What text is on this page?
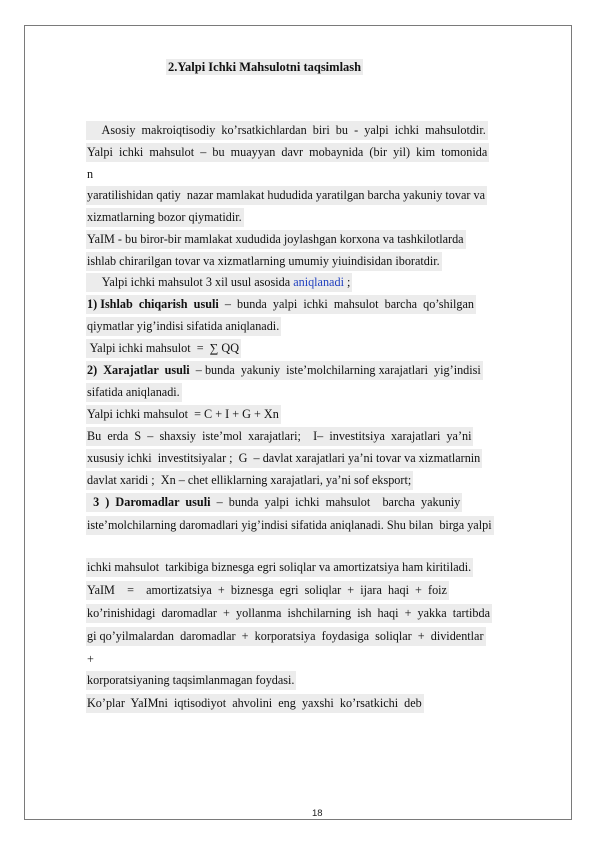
2.Yalpi Ichki Mahsulotni taqsimlash
Asosiy  makroiqtisodiy  ko’rsatkichlardan  biri  bu  -  yalpi  ichki  mahsulotdir.
Yalpi  ichki  mahsulot  –  bu  muayyan  davr  mobaynida  (bir  yil)  kim  tomonida
n
yaratilishidan qatiy  nazar mamlakat hududida yaratilgan barcha yakuniy tovar va
xizmatlarning bozor qiymatidir.
YaIM - bu biror-bir mamlakat xududida joylashgan korxona va tashkilotlarda
ishlab chirarilgan tovar va xizmatlarning umumiy yiuindisidan iboratdir.
Yalpi ichki mahsulot 3 xil usul asosida aniqlanadi ;
1) Ishlab  chiqarish  usuli  –  bunda  yalpi  ichki  mahsulot  barcha  qo’shilgan
qiymatlar yig’indisi sifatida aniqlanadi.
Yalpi ichki mahsulot  =  ∑ QQ
2)  Xarajatlar  usuli  – bunda  yakuniy  iste’molchilarning xarajatlari  yig’indisi
sifatida aniqlanadi.
Yalpi ichki mahsulot  = C + I + G + Xn
Bu  erda  S  –  shaxsiy  iste’mol  xarajatlari;    I–  investitsiya  xarajatlari  ya’ni
xususiy ichki  investitsiyalar ;  G  – davlat xarajatlari ya’ni tovar va xizmatlarnin
davlat xaridi ;  Xn – chet elliklarning xarajatlari, ya’ni sof eksport;
3  )  Daromadlar  usuli  –  bunda  yalpi  ichki  mahsulot    barcha  yakuniy
iste’molchilarning daromadlari yig’indisi sifatida aniqlanadi. Shu bilan  birga yalpi
ichki mahsulot  tarkibiga biznesga egri soliqlar va amortizatsiya ham kiritiladi.
YaIM    =    amortizatsiya  +  biznesga  egri  soliqlar  +  ijara  haqi  +  foiz
ko’rinishidagi  daromadlar  +  yollanma  ishchilarning  ish  haqi  +  yakka  tartibda
gi qo’yilmalardan  daromadlar  +  korporatsiya  foydasiga  soliqlar  +  dividentlar
+
korporatsiyaning taqsimlanmagan foydasi.
Ko’plar  YaIMni  iqtisodiyot  ahvolini  eng  yaxshi  ko’rsatkichi  deb
18
